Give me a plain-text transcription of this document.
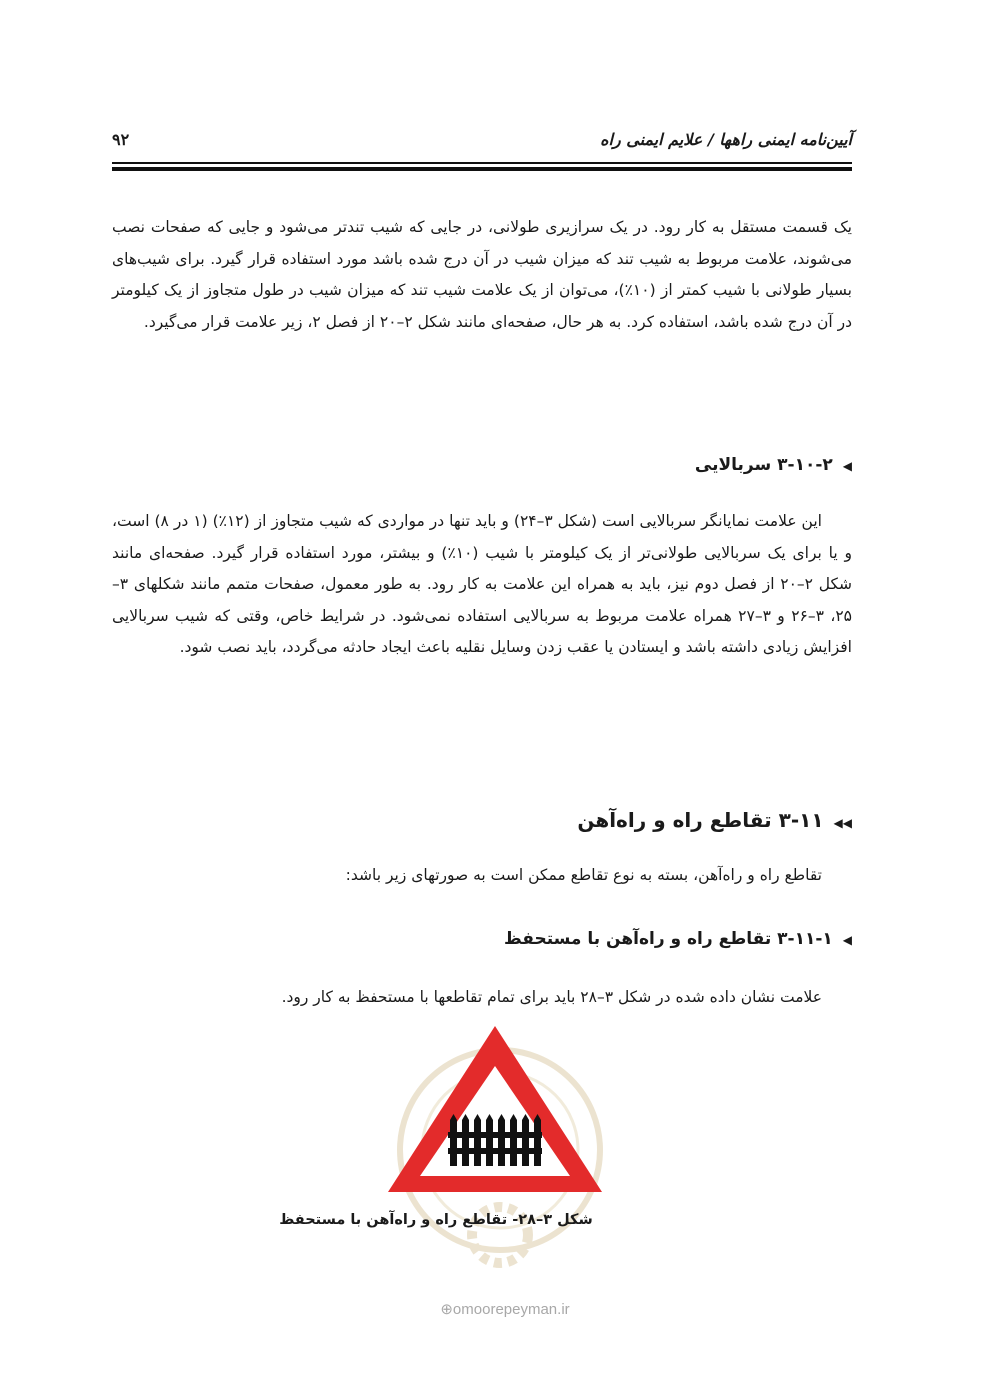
آیین‌نامه ایمنی راهها / علایم ایمنی راه
۹۲

یک قسمت مستقل به کار رود. در یک سرازیری طولانی، در جایی که شیب تندتر می‌شود و جایی که صفحات نصب می‌شوند، علامت مربوط به شیب تند که میزان شیب در آن درج شده باشد مورد استفاده قرار گیرد. برای شیب‌های بسیار طولانی با شیب کمتر از (۱۰٪)، می‌توان از یک علامت شیب تند که میزان شیب در طول متجاوز از یک کیلومتر در آن درج شده باشد، استفاده کرد. به هر حال، صفحه‌ای مانند شکل ۲–۲۰ از فصل ۲، زیر علامت قرار می‌گیرد.

◀۳-۱۰-۲ سربالایی

این علامت نمایانگر سربالایی است (شکل ۳–۲۴) و باید تنها در مواردی که شیب متجاوز از (۱۲٪) (۱ در ۸) است، و یا برای یک سربالایی طولانی‌تر از یک کیلومتر با شیب (۱۰٪) و بیشتر، مورد استفاده قرار گیرد. صفحه‌ای مانند شکل ۲–۲۰ از فصل دوم نیز، باید به همراه این علامت به کار رود. به طور معمول، صفحات متمم مانند شکلهای ۳–۲۵، ۳–۲۶ و ۳–۲۷ همراه علامت مربوط به سربالایی استفاده نمی‌شود. در شرایط خاص، وقتی که شیب سربالایی افزایش زیادی داشته باشد و ایستادن یا عقب زدن وسایل نقلیه باعث ایجاد حادثه می‌گردد، باید نصب شود.

◀◀۳-۱۱ تقاطع راه و راه‌آهن

تقاطع راه و راه‌آهن، بسته به نوع تقاطع ممکن است به صورتهای زیر باشد:

◀۳-۱۱-۱ تقاطع راه و راه‌آهن با مستحفظ

علامت نشان داده شده در شکل ۳–۲۸ باید برای تمام تقاطعها با مستحفظ به کار رود.

شکل ۳–۲۸- تقاطع راه و راه‌آهن با مستحفظ
⊕omoorepeyman.ir
